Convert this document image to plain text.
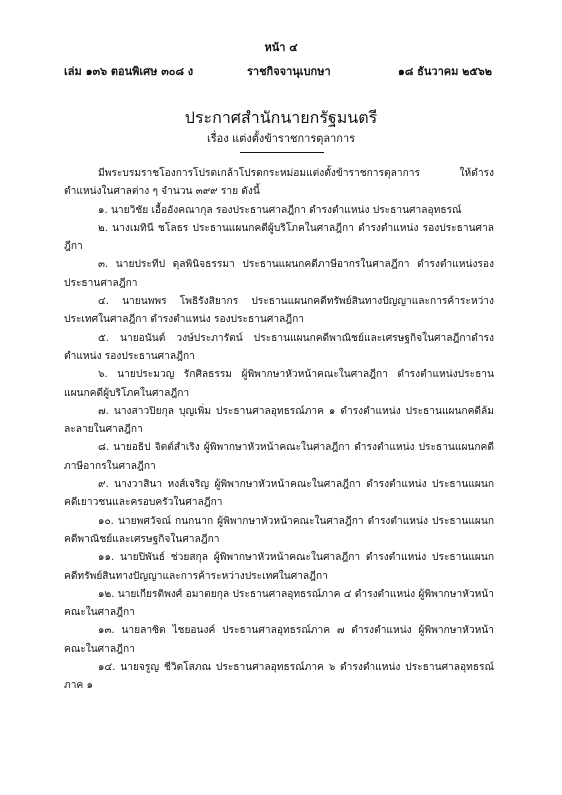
หน้า ๔
เล่ม ๑๓๖ ตอนพิเศษ ๓๐๘ ง	ราชกิจจานุเบกษา	๑๘ ธันวาคม ๒๕๖๒
ประกาศสำนักนายกรัฐมนตรี
เรื่อง แต่งตั้งข้าราชการตุลาการ

มีพระบรมราชโองการโปรดเกล้าโปรดกระหม่อมแต่งตั้งข้าราชการตุลาการ ให้ดำรงตำแหน่งในศาลต่าง ๆ จำนวน ๓๙๙ ราย ดังนี้

๑. นายวิชัย เอื้ออังคณากุล รองประธานศาลฎีกา ดำรงตำแหน่ง ประธานศาลอุทธรณ์

๒. นางเมทินี ชโลธร ประธานแผนกคดีผู้บริโภคในศาลฎีกา ดำรงตำแหน่ง รองประธานศาลฎีกา

๓. นายประทีป ดุลพินิจธรรมา ประธานแผนกคดีภาษีอากรในศาลฎีกา ดำรงตำแหน่งรองประธานศาลฎีกา

๔. นายนพพร โพธิรังสิยากร ประธานแผนกคดีทรัพย์สินทางปัญญาและการค้าระหว่างประเทศในศาลฎีกา ดำรงตำแหน่ง รองประธานศาลฎีกา

๕. นายอนันต์ วงษ์ประภารัตน์ ประธานแผนกคดีพาณิชย์และเศรษฐกิจในศาลฎีกาดำรงตำแหน่ง รองประธานศาลฎีกา

๖. นายประมวญ รักศิลธรรม ผู้พิพากษาหัวหน้าคณะในศาลฎีกา ดำรงตำแหน่งประธานแผนกคดีผู้บริโภคในศาลฎีกา

๗. นางสาวปิยกุล บุญเพิ่ม ประธานศาลอุทธรณ์ภาค ๑ ดำรงตำแหน่ง ประธานแผนกคดีล้มละลายในศาลฎีกา

๘. นายอธิป จิตต์สำเริง ผู้พิพากษาหัวหน้าคณะในศาลฎีกา ดำรงตำแหน่ง ประธานแผนกคดีภาษีอากรในศาลฎีกา

๙. นางวาสินา หงส์เจริญ ผู้พิพากษาหัวหน้าคณะในศาลฎีกา ดำรงตำแหน่ง ประธานแผนกคดีเยาวชนและครอบครัวในศาลฎีกา

๑๐. นายพศวัจณ์ กนกนาก ผู้พิพากษาหัวหน้าคณะในศาลฎีกา ดำรงตำแหน่ง ประธานแผนกคดีพาณิชย์และเศรษฐกิจในศาลฎีกา

๑๑. นายปิพันธ์ ช่วยสกุล ผู้พิพากษาหัวหน้าคณะในศาลฎีกา ดำรงตำแหน่ง ประธานแผนกคดีทรัพย์สินทางปัญญาและการค้าระหว่างประเทศในศาลฎีกา

๑๒. นายเกียรติพงศ์ อมาตยกุล ประธานศาลอุทธรณ์ภาค ๔ ดำรงตำแหน่ง ผู้พิพากษาหัวหน้าคณะในศาลฎีกา

๑๓. นายลาซิต ไชยอนงค์ ประธานศาลอุทธรณ์ภาค ๗ ดำรงตำแหน่ง ผู้พิพากษาหัวหน้าคณะในศาลฎีกา

๑๔. นายจรูญ ชีวิตโสภณ ประธานศาลอุทธรณ์ภาค ๖ ดำรงตำแหน่ง ประธานศาลอุทธรณ์ภาค ๑
